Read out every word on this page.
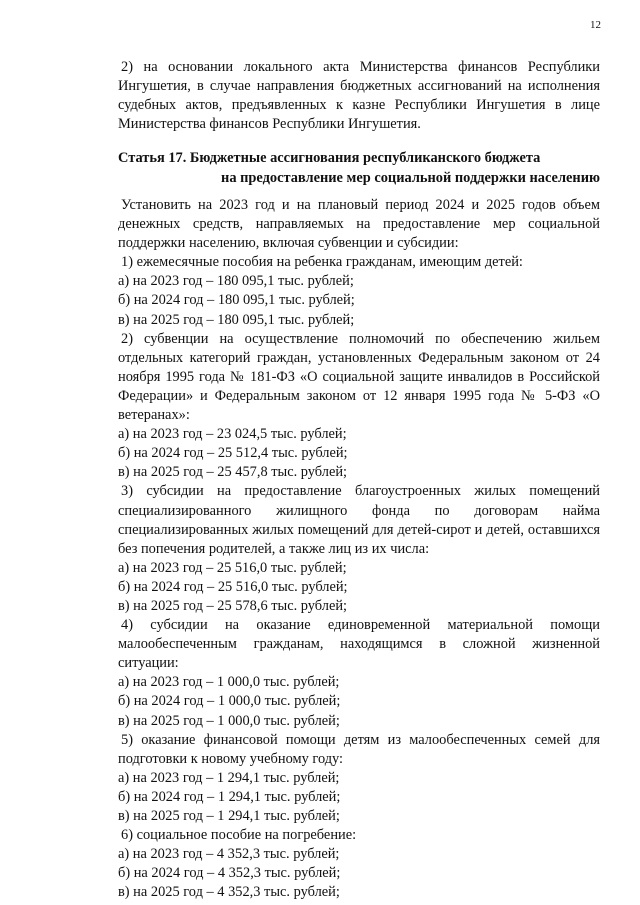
12

2) на основании локального акта Министерства финансов Республики

Ингушетия, в случае направления бюджетных ассигнований на исполнения

судебных актов, предъявленных к казне Республики Ингушетия в лице

Министерства финансов Республики Ингушетия.

Статья 17. Бюджетные ассигнования республиканского бюджета
на предоставление мер социальной поддержки населению

Установить на 2023 год и на плановый период 2024 и 2025 годов объем

денежных средств, направляемых на предоставление мер социальной

поддержки населению, включая субвенции и субсидии:

1) ежемесячные пособия на ребенка гражданам, имеющим детей:

а) на 2023 год – 180 095,1 тыс. рублей;

б) на 2024 год – 180 095,1 тыс. рублей;

в) на 2025 год – 180 095,1 тыс. рублей;

2) субвенции на осуществление полномочий по обеспечению жильем

отдельных категорий граждан, установленных Федеральным законом от 24

ноября 1995 года № 181-ФЗ «О социальной защите инвалидов в Российской

Федерации» и Федеральным законом от 12 января 1995 года № 5-ФЗ «О

ветеранах»:

а) на 2023 год – 23 024,5 тыс. рублей;

б) на 2024 год – 25 512,4 тыс. рублей;

в) на 2025 год – 25 457,8 тыс. рублей;

3) субсидии на предоставление благоустроенных жилых помещений

специализированного жилищного фонда по договорам найма

специализированных жилых помещений для детей-сирот и детей, оставшихся

без попечения родителей, а также лиц из их числа:

а) на 2023 год – 25 516,0 тыс. рублей;

б) на 2024 год – 25 516,0 тыс. рублей;

в) на 2025 год – 25 578,6 тыс. рублей;

4) субсидии на оказание единовременной материальной помощи

малообеспеченным гражданам, находящимся в сложной жизненной

ситуации:

а) на 2023 год – 1 000,0 тыс. рублей;

б) на 2024 год – 1 000,0 тыс. рублей;

в) на 2025 год – 1 000,0 тыс. рублей;

5) оказание финансовой помощи детям из малообеспеченных семей для

подготовки к новому учебному году:

а) на 2023 год – 1 294,1 тыс. рублей;

б) на 2024 год – 1 294,1 тыс. рублей;

в) на 2025 год – 1 294,1 тыс. рублей;

6) социальное пособие на погребение:

а) на 2023 год – 4 352,3 тыс. рублей;

б) на 2024 год – 4 352,3 тыс. рублей;

в) на 2025 год – 4 352,3 тыс. рублей;
